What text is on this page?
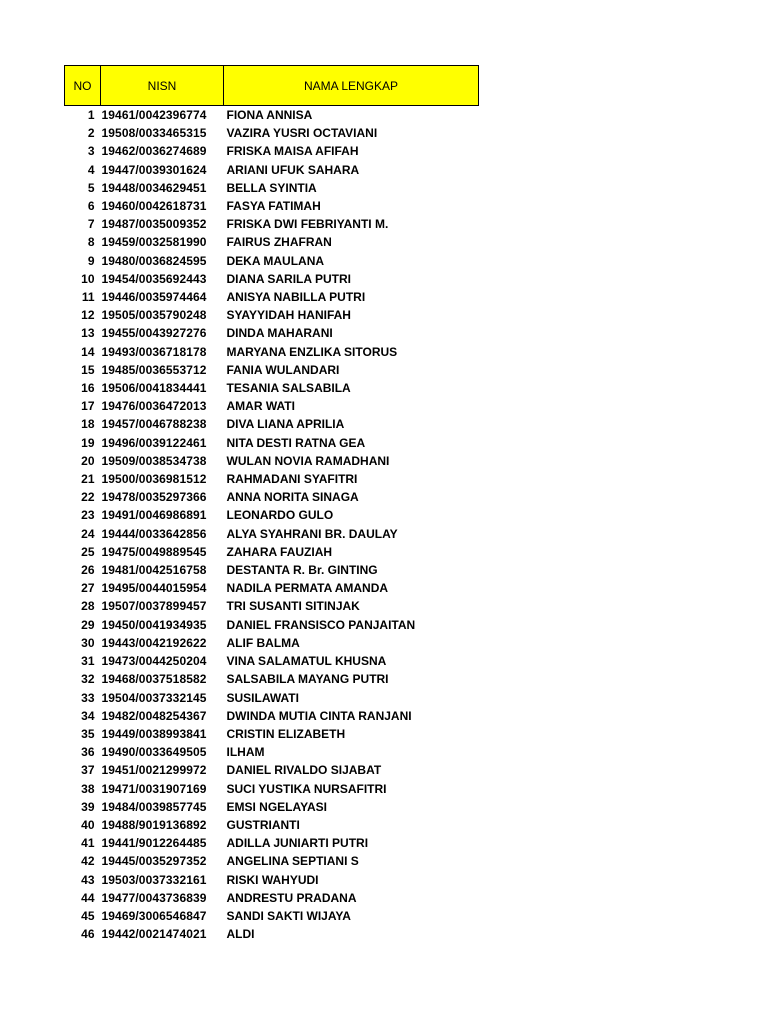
NO	NISN	NAMA LENGKAP
1	19461/0042396774	FIONA ANNISA
2	19508/0033465315	VAZIRA YUSRI OCTAVIANI
3	19462/0036274689	FRISKA MAISA AFIFAH
4	19447/0039301624	ARIANI UFUK SAHARA
5	19448/0034629451	BELLA SYINTIA
6	19460/0042618731	FASYA FATIMAH
7	19487/0035009352	FRISKA DWI FEBRIYANTI M.
8	19459/0032581990	FAIRUS ZHAFRAN
9	19480/0036824595	DEKA MAULANA
10	19454/0035692443	DIANA SARILA PUTRI
11	19446/0035974464	ANISYA NABILLA PUTRI
12	19505/0035790248	SYAYYIDAH HANIFAH
13	19455/0043927276	DINDA MAHARANI
14	19493/0036718178	MARYANA ENZLIKA SITORUS
15	19485/0036553712	FANIA WULANDARI
16	19506/0041834441	TESANIA SALSABILA
17	19476/0036472013	AMAR WATI
18	19457/0046788238	DIVA LIANA APRILIA
19	19496/0039122461	NITA DESTI RATNA GEA
20	19509/0038534738	WULAN NOVIA RAMADHANI
21	19500/0036981512	RAHMADANI SYAFITRI
22	19478/0035297366	ANNA NORITA SINAGA
23	19491/0046986891	LEONARDO GULO
24	19444/0033642856	ALYA SYAHRANI BR. DAULAY
25	19475/0049889545	ZAHARA FAUZIAH
26	19481/0042516758	DESTANTA R. Br. GINTING
27	19495/0044015954	NADILA PERMATA AMANDA
28	19507/0037899457	TRI SUSANTI SITINJAK
29	19450/0041934935	DANIEL FRANSISCO PANJAITAN
30	19443/0042192622	ALIF BALMA
31	19473/0044250204	VINA SALAMATUL KHUSNA
32	19468/0037518582	SALSABILA MAYANG PUTRI
33	19504/0037332145	SUSILAWATI
34	19482/0048254367	DWINDA MUTIA CINTA RANJANI
35	19449/0038993841	CRISTIN ELIZABETH
36	19490/0033649505	ILHAM
37	19451/0021299972	DANIEL RIVALDO SIJABAT
38	19471/0031907169	SUCI YUSTIKA NURSAFITRI
39	19484/0039857745	EMSI NGELAYASI
40	19488/9019136892	GUSTRIANTI
41	19441/9012264485	ADILLA JUNIARTI PUTRI
42	19445/0035297352	ANGELINA SEPTIANI S
43	19503/0037332161	RISKI WAHYUDI
44	19477/0043736839	ANDRESTU PRADANA
45	19469/3006546847	SANDI SAKTI WIJAYA
46	19442/0021474021	ALDI
